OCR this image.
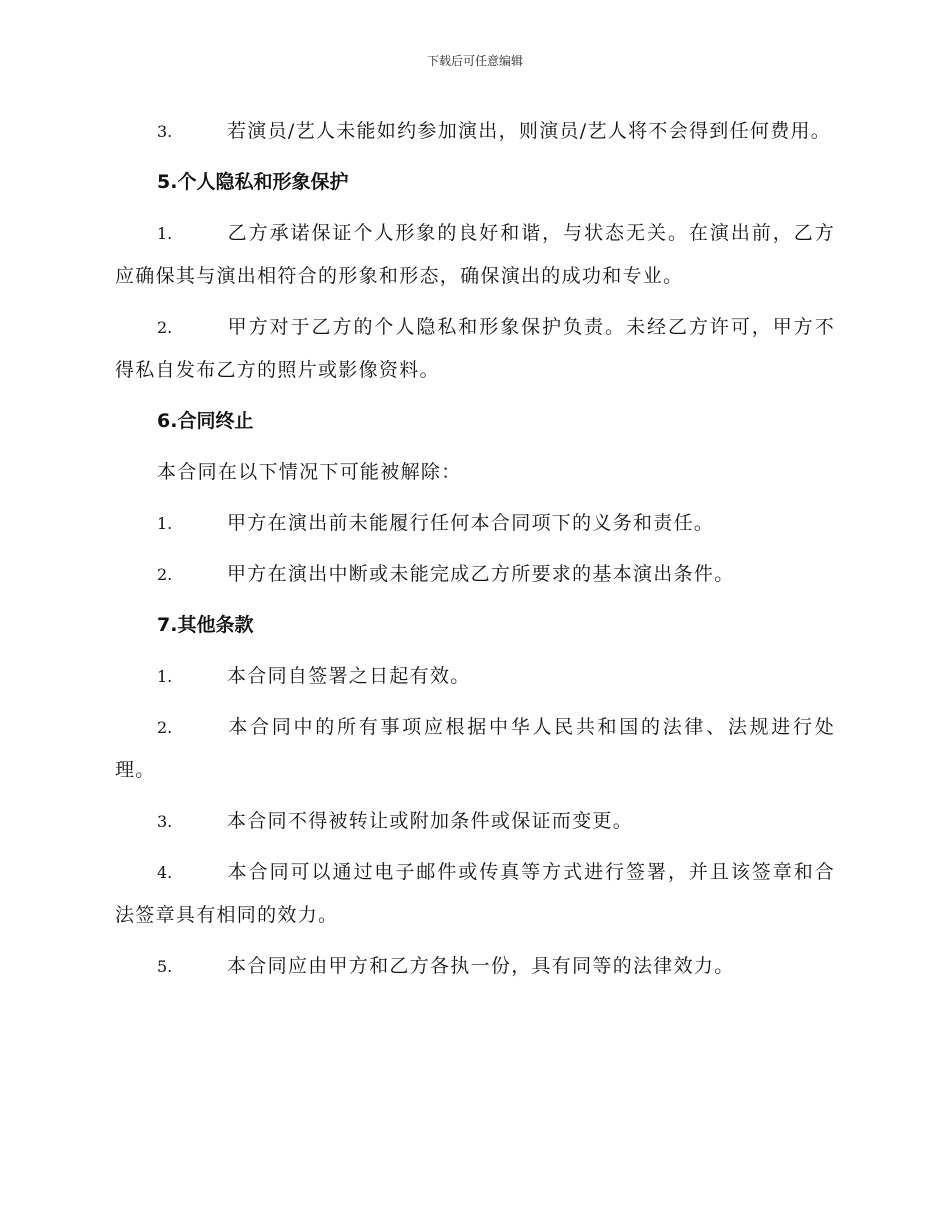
下载后可任意编辑

3.	若演员/艺人未能如约参加演出，则演员/艺人将不会得到任何费用。

5.个人隐私和形象保护

1.	乙方承诺保证个人形象的良好和谐，与状态无关。在演出前，乙方应确保其与演出相符合的形象和形态，确保演出的成功和专业。

2.	甲方对于乙方的个人隐私和形象保护负责。未经乙方许可，甲方不得私自发布乙方的照片或影像资料。

6.合同终止
本合同在以下情况下可能被解除：

1.	甲方在演出前未能履行任何本合同项下的义务和责任。

2.	甲方在演出中断或未能完成乙方所要求的基本演出条件。

7.其他条款

1.	本合同自签署之日起有效。

2.	本合同中的所有事项应根据中华人民共和国的法律、法规进行处理。

3.	本合同不得被转让或附加条件或保证而变更。

4.	本合同可以通过电子邮件或传真等方式进行签署，并且该签章和合法签章具有相同的效力。

5.	本合同应由甲方和乙方各执一份，具有同等的法律效力。
